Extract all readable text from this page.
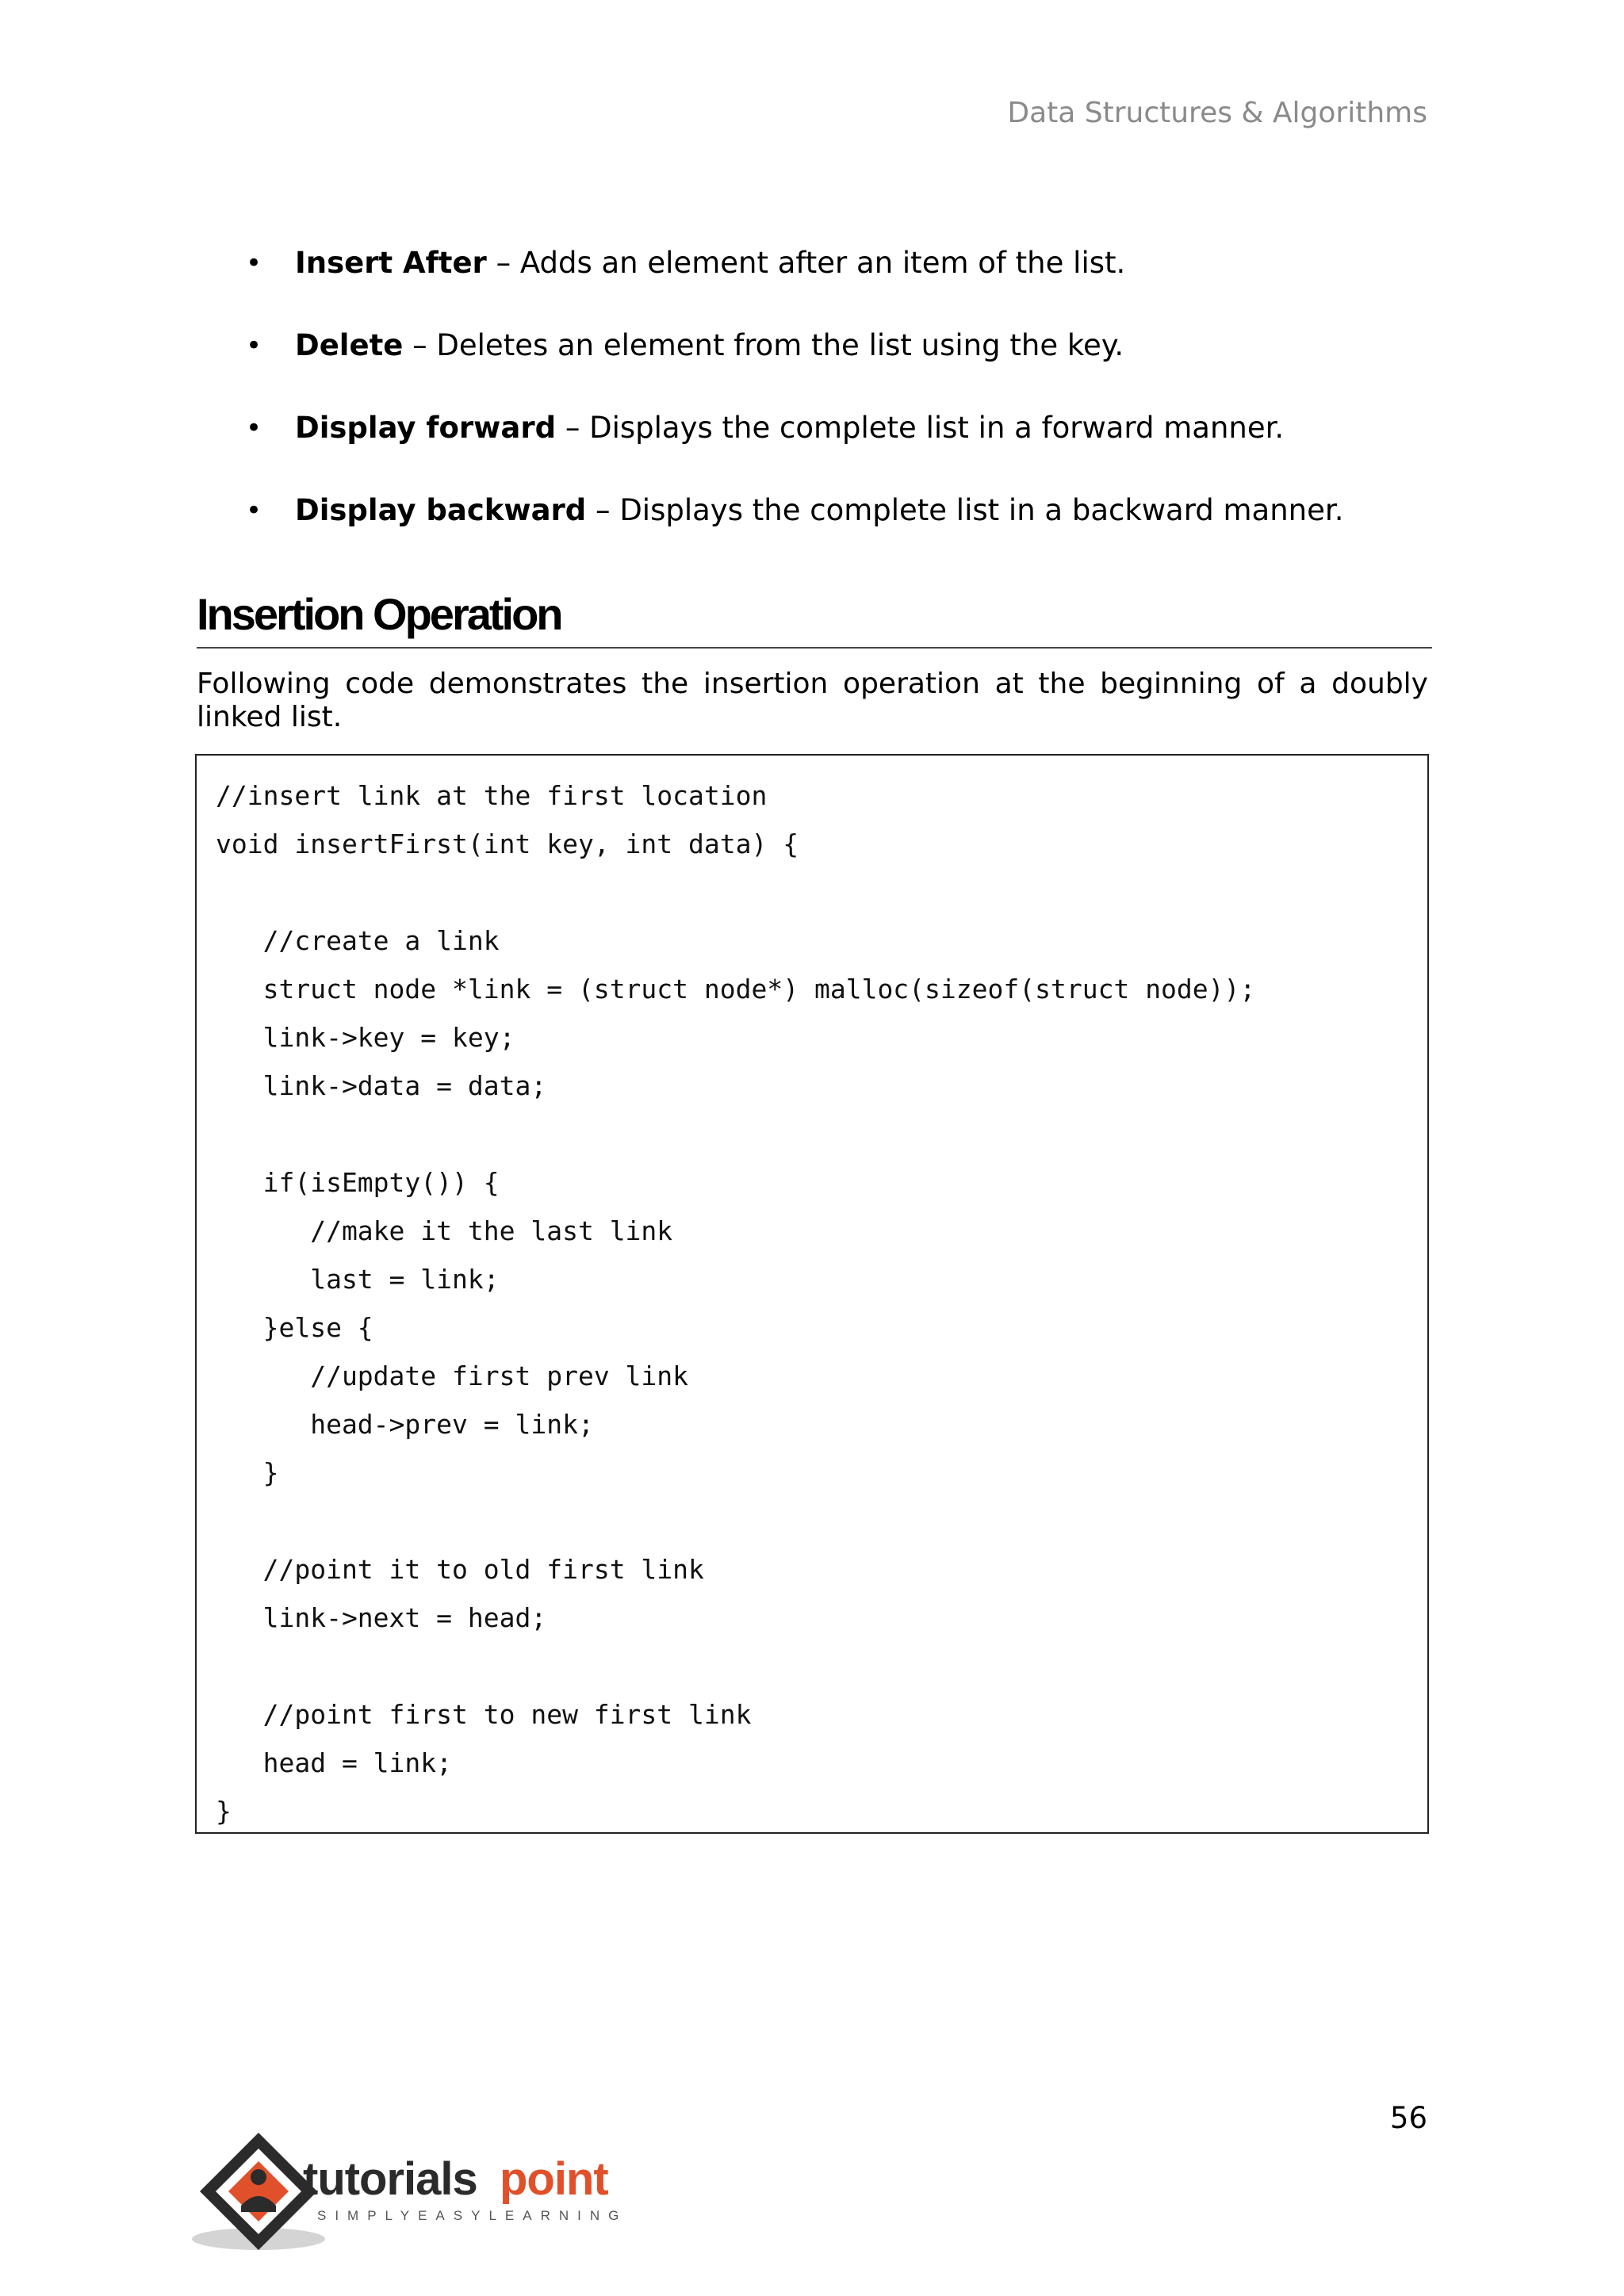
Data Structures & Algorithms
• Insert After – Adds an element after an item of the list.
• Delete – Deletes an element from the list using the key.
• Display forward – Displays the complete list in a forward manner.
• Display backward – Displays the complete list in a backward manner.
Insertion Operation

Following code demonstrates the insertion operation at the beginning of a doubly linked list.

//insert link at the first location
void insertFirst(int key, int data) {

//create a link
struct node *link = (struct node*) malloc(sizeof(struct node));
link->key = key;
link->data = data;

if(isEmpty()) {
//make it the last link
last = link;
}else {
//update first prev link
head->prev = link;
}

//point it to old first link
link->next = head;

//point first to new first link
head = link;
}
56
tutorials point
SIMPLYEASYLEARNING
